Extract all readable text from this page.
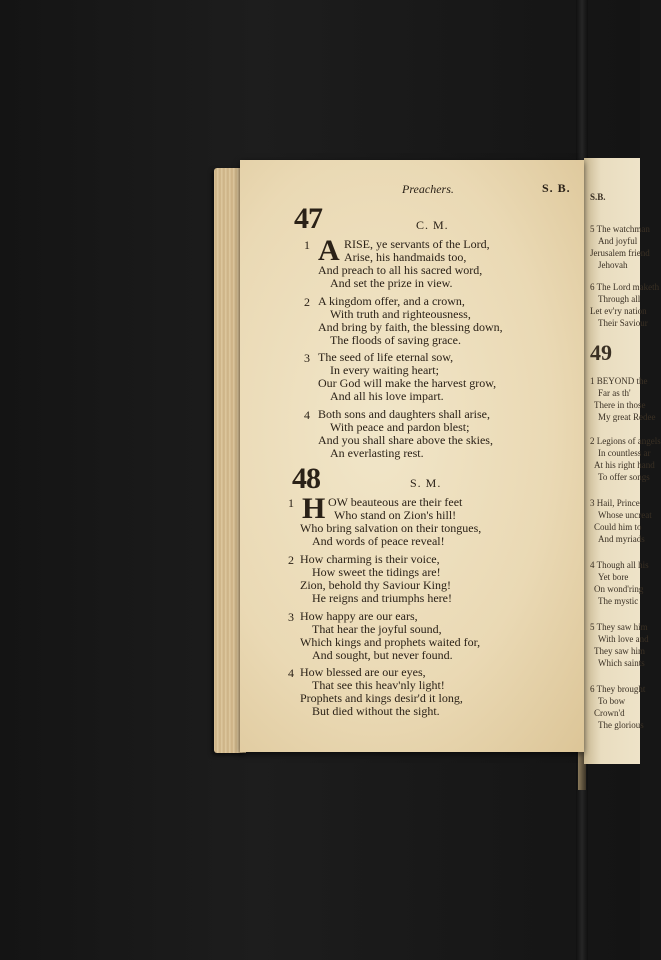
S.B.
5 The watchman
And joyful
Jerusalem friend
Jehovah
6 The Lord maketh
Through all
Let ev'ry nation
Their Saviour
49
1 BEYOND the
Far as th'
There in those
My great Redee
2 Legions of angels
In countless ar
At his right hand
To offer songs
3 Hail, Prince
Whose uncreat
Could him to
And myriads
4 Though all his
Yet bore
On wond'ring
The mystic
5 They saw him
With love and
They saw him
Which saints
6 They brought
To bow
Crown'd
The glorious
Preachers.	S. B.
47	C. M.
1 A RISE, ye servants of the Lord,
Arise, his handmaids too,
And preach to all his sacred word,
And set the prize in view.
2 A kingdom offer, and a crown,
With truth and righteousness,
And bring by faith, the blessing down,
The floods of saving grace.
3 The seed of life eternal sow,
In every waiting heart;
Our God will make the harvest grow,
And all his love impart.
4 Both sons and daughters shall arise,
With peace and pardon blest;
And you shall share above the skies,
An everlasting rest.
48	S. M.
1 H OW beauteous are their feet
Who stand on Zion's hill!
Who bring salvation on their tongues,
And words of peace reveal!
2 How charming is their voice,
How sweet the tidings are!
Zion, behold thy Saviour King!
He reigns and triumphs here!
3 How happy are our ears,
That hear the joyful sound,
Which kings and prophets waited for,
And sought, but never found.
4 How blessed are our eyes,
That see this heav'nly light!
Prophets and kings desir'd it long,
But died without the sight.
